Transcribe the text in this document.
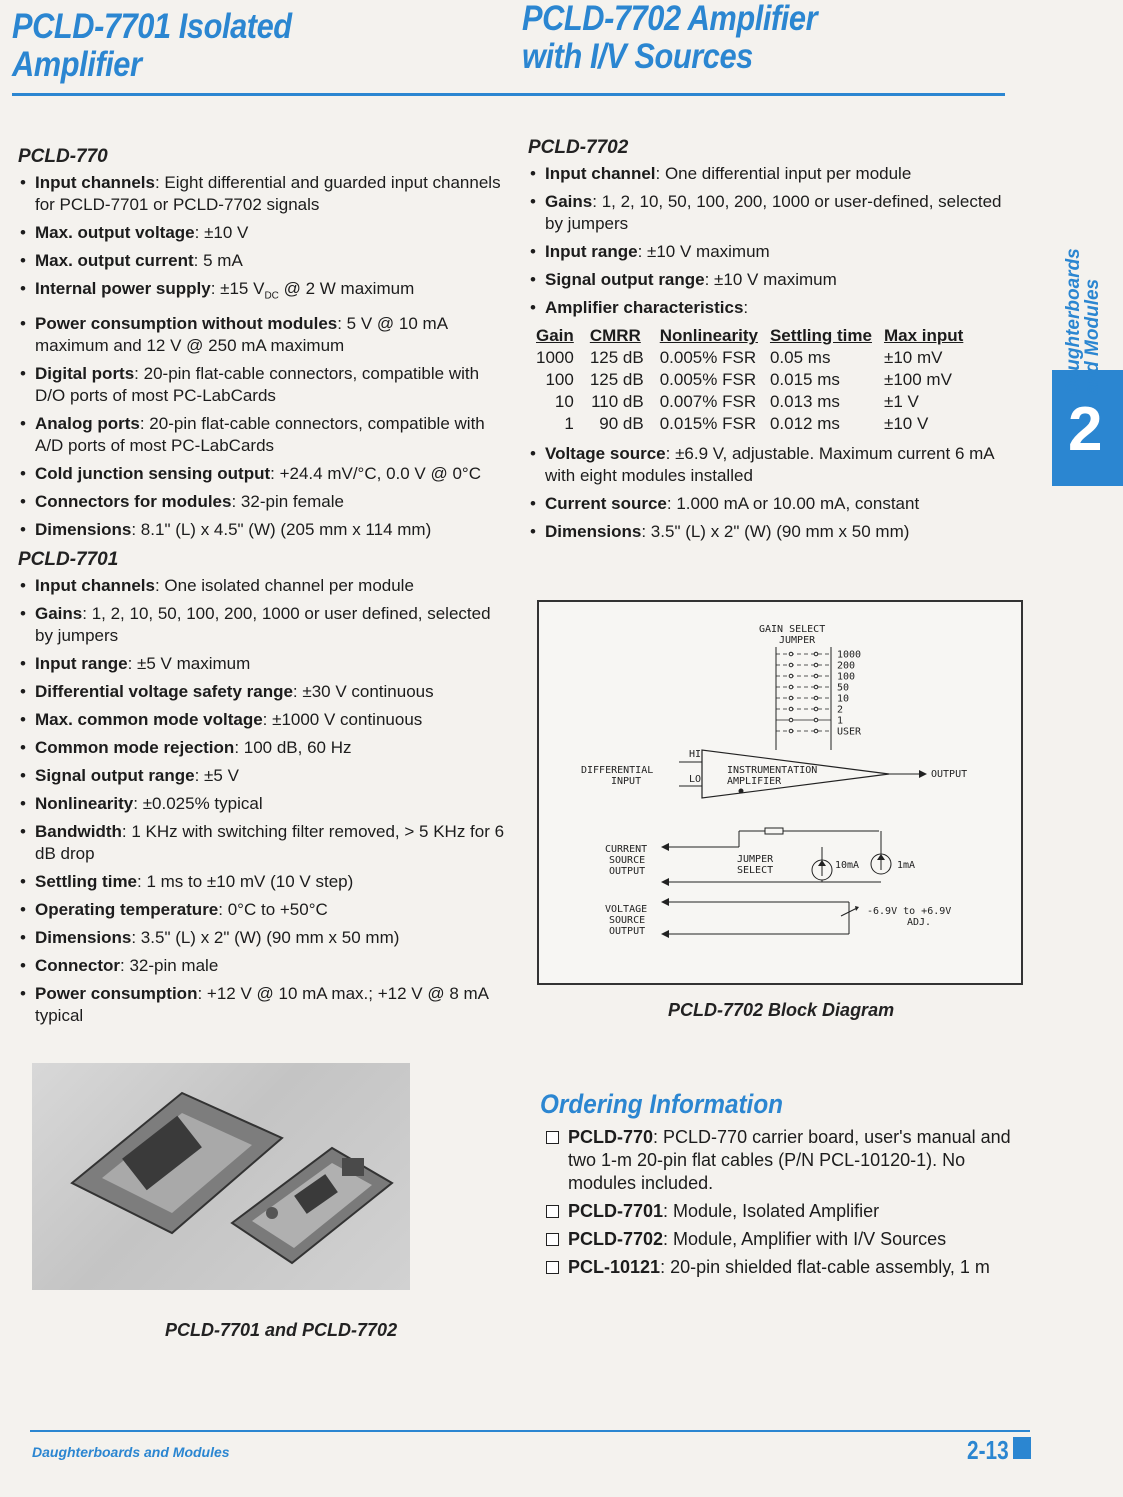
PCLD-7701 Isolated
Amplifier
PCLD-7702 Amplifier
with I/V Sources
Daughterboards
and Modules
2
PCLD-770
• Input channels: Eight differential and guarded input channels for PCLD-7701 or PCLD-7702 signals
• Max. output voltage: ±10 V
• Max. output current: 5 mA
• Internal power supply: ±15 $V_{DC}$ @ 2 W maximum
• Power consumption without modules: 5 V @ 10 mA maximum and 12 V @ 250 mA maximum
• Digital ports: 20-pin flat-cable connectors, compatible with D/O ports of most PC-LabCards
• Analog ports: 20-pin flat-cable connectors, compatible with A/D ports of most PC-LabCards
• Cold junction sensing output: +24.4 mV/°C, 0.0 V @ 0°C
• Connectors for modules: 32-pin female
• Dimensions: 8.1" (L) x 4.5" (W) (205 mm x 114 mm)
PCLD-7701
• Input channels: One isolated channel per module
• Gains: 1, 2, 10, 50, 100, 200, 1000 or user defined, selected by jumpers
• Input range: ±5 V maximum
• Differential voltage safety range: ±30 V continuous
• Max. common mode voltage: ±1000 V continuous
• Common mode rejection: 100 dB, 60 Hz
• Signal output range: ±5 V
• Nonlinearity: ±0.025% typical
• Bandwidth: 1 KHz with switching filter removed, > 5 KHz for 6 dB drop
• Settling time: 1 ms to ±10 mV (10 V step)
• Operating temperature: 0°C to +50°C
• Dimensions: 3.5" (L) x 2" (W) (90 mm x 50 mm)
• Connector: 32-pin male
• Power consumption: +12 V @ 10 mA max.; +12 V @ 8 mA typical
PCLD-7701 and PCLD-7702
PCLD-7702
• Input channel: One differential input per module
• Gains: 1, 2, 10, 50, 100, 200, 1000 or user-defined, selected by jumpers
• Input range: ±10 V maximum
• Signal output range: ±10 V maximum
• Amplifier characteristics:
Gain	CMRR	Nonlinearity	Settling time	Max input
1000	125 dB	0.005% FSR	0.05 ms	±10 mV
100	125 dB	0.005% FSR	0.015 ms	±100 mV
10	110 dB	0.007% FSR	0.013 ms	±1 V
1	90 dB	0.015% FSR	0.012 ms	±10 V
• Voltage source: ±6.9 V, adjustable. Maximum current 6 mA with eight modules installed
• Current source: 1.000 mA or 10.00 mA, constant
• Dimensions: 3.5" (L) x 2" (W) (90 mm x 50 mm)
GAIN SELECT
JUMPER
1000
200
100
50
10
2
1
USER
INSTRUMENTATION
AMPLIFIER
HI
LO
DIFFERENTIAL
INPUT
OUTPUT
10mA	1mA
JUMPER
SELECT
CURRENT
SOURCE
OUTPUT
VOLTAGE
SOURCE
OUTPUT
-6.9V to +6.9V
ADJ.
PCLD-7702 Block Diagram
Ordering Information
PCLD-770: PCLD-770 carrier board, user's manual and two 1-m 20-pin flat cables (P/N PCL-10120-1). No modules included.
PCLD-7701: Module, Isolated Amplifier
PCLD-7702: Module, Amplifier with I/V Sources
PCL-10121: 20-pin shielded flat-cable assembly, 1 m
Daughterboards and Modules	2-13
